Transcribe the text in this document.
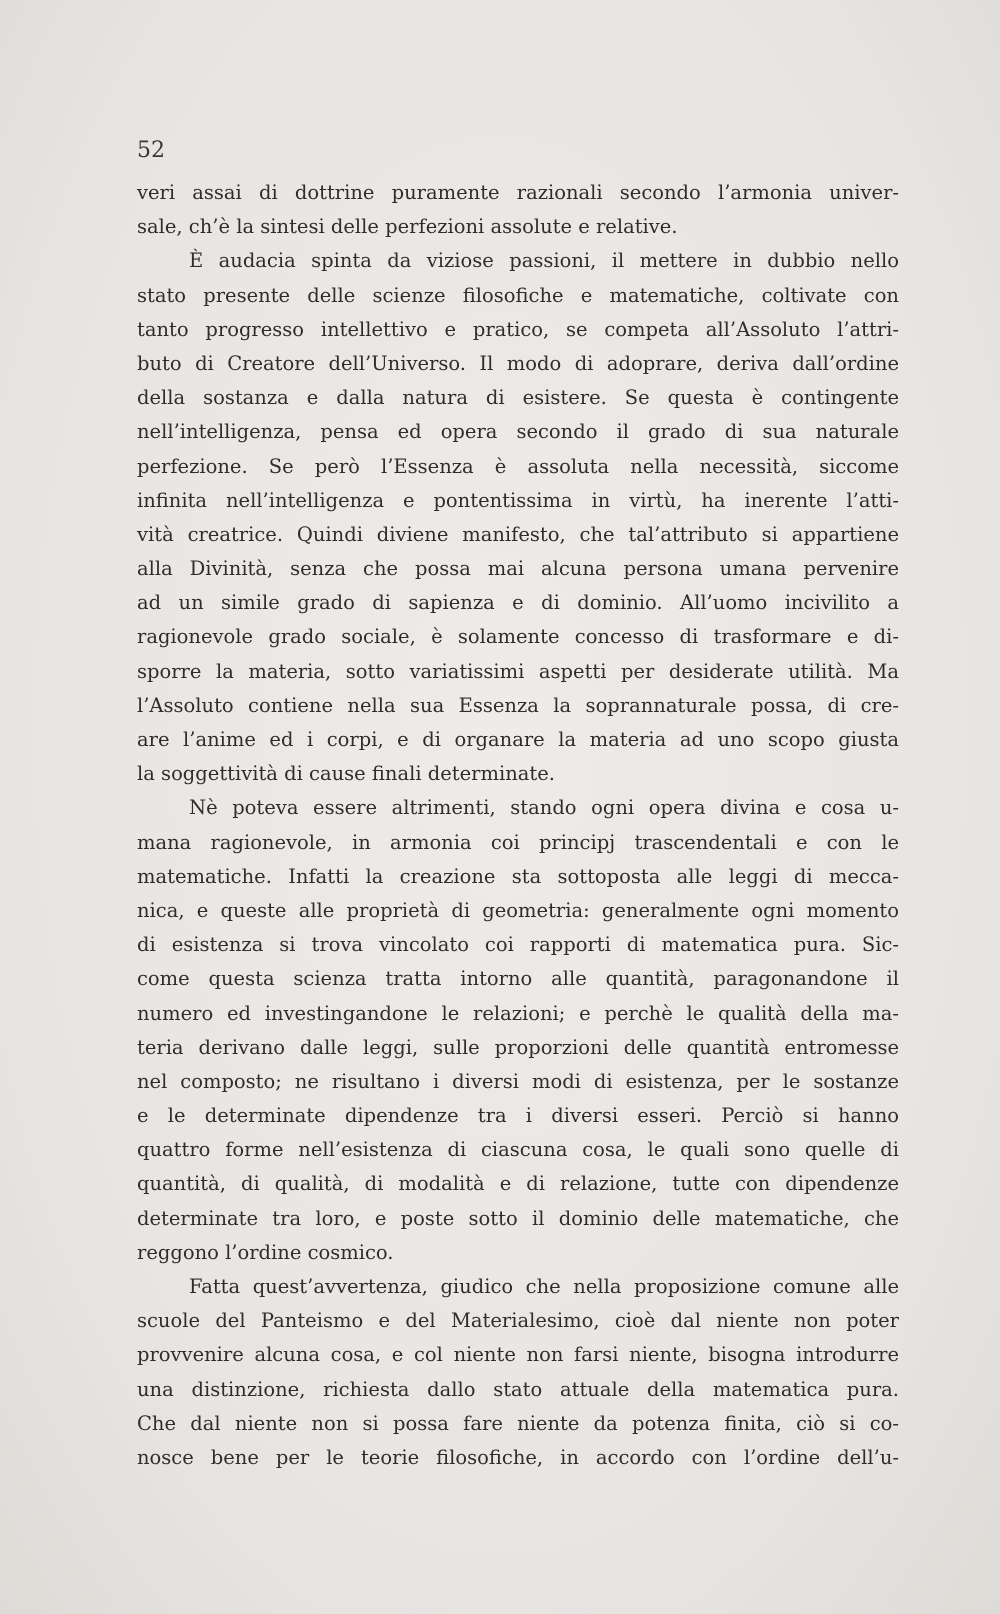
52
veri assai di dottrine puramente razionali secondo l’armonia univer-
sale, ch’è la sintesi delle perfezioni assolute e relative.
È audacia spinta da viziose passioni, il mettere in dubbio nello
stato presente delle scienze filosofiche e matematiche, coltivate con
tanto progresso intellettivo e pratico, se competa all’Assoluto l’attri-
buto di Creatore dell’Universo. Il modo di adoprare, deriva dall’ordine
della sostanza e dalla natura di esistere. Se questa è contingente
nell’intelligenza, pensa ed opera secondo il grado di sua naturale
perfezione. Se però l’Essenza è assoluta nella necessità, siccome
infinita nell’intelligenza e pontentissima in virtù, ha inerente l’atti-
vità creatrice. Quindi diviene manifesto, che tal’attributo si appartiene
alla Divinità, senza che possa mai alcuna persona umana pervenire
ad un simile grado di sapienza e di dominio. All’uomo incivilito a
ragionevole grado sociale, è solamente concesso di trasformare e di-
sporre la materia, sotto variatissimi aspetti per desiderate utilità. Ma
l’Assoluto contiene nella sua Essenza la soprannaturale possa, di cre-
are l’anime ed i corpi, e di organare la materia ad uno scopo giusta
la soggettività di cause finali determinate.
Nè poteva essere altrimenti, stando ogni opera divina e cosa u-
mana ragionevole, in armonia coi principj trascendentali e con le
matematiche. Infatti la creazione sta sottoposta alle leggi di mecca-
nica, e queste alle proprietà di geometria: generalmente ogni momento
di esistenza si trova vincolato coi rapporti di matematica pura. Sic-
come questa scienza tratta intorno alle quantità, paragonandone il
numero ed investingandone le relazioni; e perchè le qualità della ma-
teria derivano dalle leggi, sulle proporzioni delle quantità entromesse
nel composto; ne risultano i diversi modi di esistenza, per le sostanze
e le determinate dipendenze tra i diversi esseri. Perciò si hanno
quattro forme nell’esistenza di ciascuna cosa, le quali sono quelle di
quantità, di qualità, di modalità e di relazione, tutte con dipendenze
determinate tra loro, e poste sotto il dominio delle matematiche, che
reggono l’ordine cosmico.
Fatta quest’avvertenza, giudico che nella proposizione comune alle
scuole del Panteismo e del Materialesimo, cioè dal niente non poter
provvenire alcuna cosa, e col niente non farsi niente, bisogna introdurre
una distinzione, richiesta dallo stato attuale della matematica pura.
Che dal niente non si possa fare niente da potenza finita, ciò si co-
nosce bene per le teorie filosofiche, in accordo con l’ordine dell’u-
